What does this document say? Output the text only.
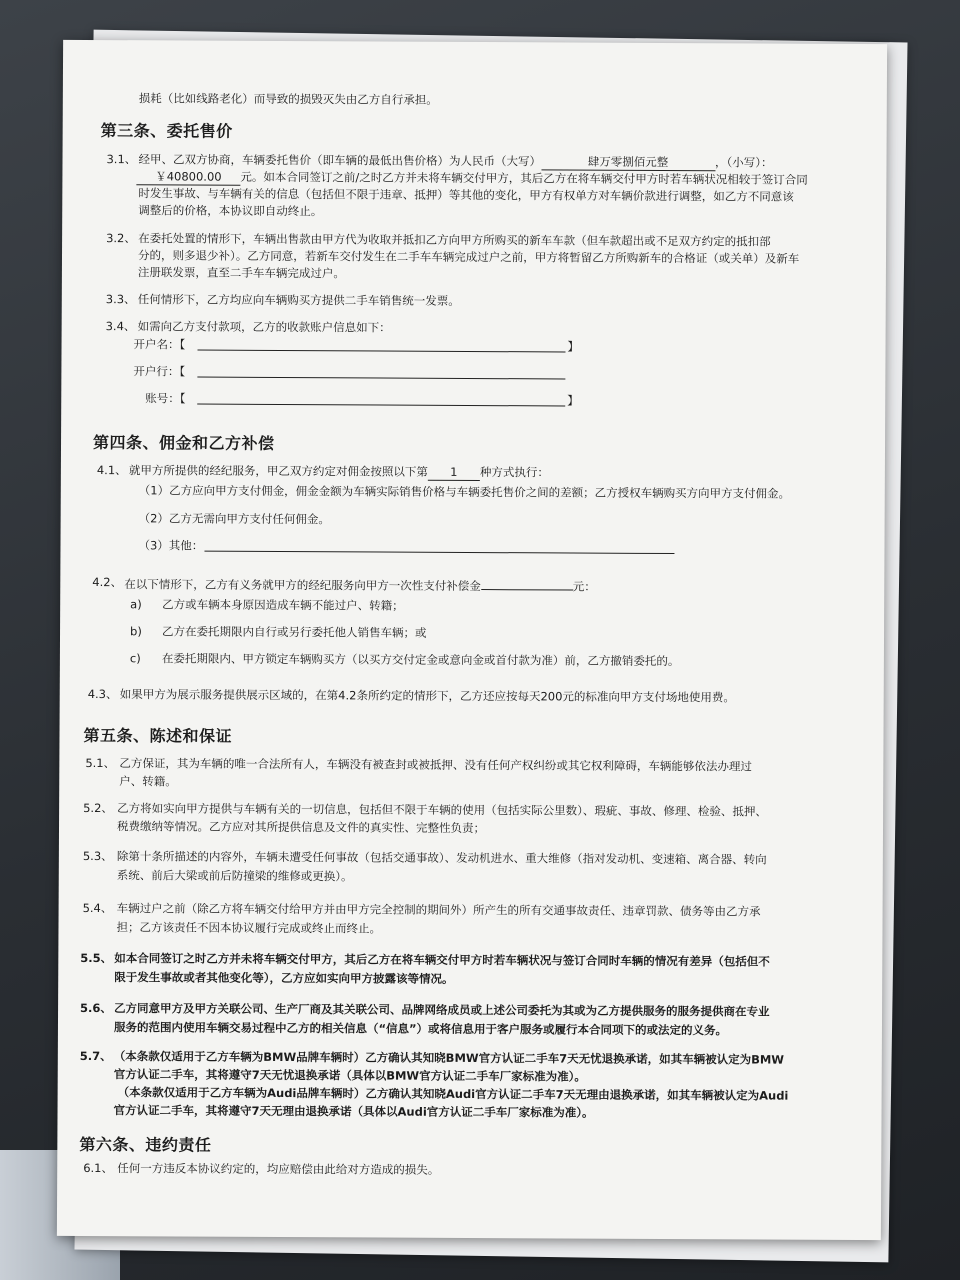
损耗（比如线路老化）而导致的损毁灭失由乙方自行承担。
第三条、委托售价
3.1、 经甲、乙双方协商，车辆委托售价（即车辆的最低出售价格）为人民币（大写）	肆万零捌佰元整	，（小写）：
￥40800.00 元。如本合同签订之前/之时乙方并未将车辆交付甲方，其后乙方在将车辆交付甲方时若车辆状况相较于签订合同
时发生事故、与车辆有关的信息（包括但不限于违章、抵押）等其他的变化，甲方有权单方对车辆价款进行调整，如乙方不同意该
调整后的价格，本协议即自动终止。
3.2、 在委托处置的情形下，车辆出售款由甲方代为收取并抵扣乙方向甲方所购买的新车车款（但车款超出或不足双方约定的抵扣部
分的，则多退少补）。乙方同意，若新车交付发生在二手车车辆完成过户之前，甲方将暂留乙方所购新车的合格证（或关单）及新车
注册联发票，直至二手车车辆完成过户。
3.3、 任何情形下，乙方均应向车辆购买方提供二手车销售统一发票。
3.4、 如需向乙方支付款项，乙方的收款账户信息如下：
开户名：【	】
开户行：【
账号：【	】
第四条、佣金和乙方补偿
4.1、 就甲方所提供的经纪服务，甲乙双方约定对佣金按照以下第 1 种方式执行：
（1）乙方应向甲方支付佣金，佣金金额为车辆实际销售价格与车辆委托售价之间的差额；乙方授权车辆购买方向甲方支付佣金。
（2）乙方无需向甲方支付任何佣金。
（3）其他：
4.2、 在以下情形下，乙方有义务就甲方的经纪服务向甲方一次性支付补偿金	元：
a) 乙方或车辆本身原因造成车辆不能过户、转籍；
b) 乙方在委托期限内自行或另行委托他人销售车辆；或
c) 在委托期限内、甲方锁定车辆购买方（以买方交付定金或意向金或首付款为准）前，乙方撤销委托的。
4.3、 如果甲方为展示服务提供展示区域的，在第4.2条所约定的情形下，乙方还应按每天200元的标准向甲方支付场地使用费。
第五条、陈述和保证
5.1、 乙方保证，其为车辆的唯一合法所有人，车辆没有被查封或被抵押、没有任何产权纠纷或其它权利障碍，车辆能够依法办理过
户、转籍。
5.2、 乙方将如实向甲方提供与车辆有关的一切信息，包括但不限于车辆的使用（包括实际公里数）、瑕疵、事故、修理、检验、抵押、
税费缴纳等情况。乙方应对其所提供信息及文件的真实性、完整性负责；
5.3、 除第十条所描述的内容外，车辆未遭受任何事故（包括交通事故）、发动机进水、重大维修（指对发动机、变速箱、离合器、转向
系统、前后大梁或前后防撞梁的维修或更换）。
5.4、 车辆过户之前（除乙方将车辆交付给甲方并由甲方完全控制的期间外）所产生的所有交通事故责任、违章罚款、债务等由乙方承
担；乙方该责任不因本协议履行完成或终止而终止。
5.5、 如本合同签订之时乙方并未将车辆交付甲方，其后乙方在将车辆交付甲方时若车辆状况与签订合同时车辆的情况有差异（包括但不
限于发生事故或者其他变化等），乙方应如实向甲方披露该等情况。
5.6、 乙方同意甲方及甲方关联公司、生产厂商及其关联公司、品牌网络成员或上述公司委托为其或为乙方提供服务的服务提供商在专业
服务的范围内使用车辆交易过程中乙方的相关信息（“信息”）或将信息用于客户服务或履行本合同项下的或法定的义务。
5.7、 （本条款仅适用于乙方车辆为BMW品牌车辆时）乙方确认其知晓BMW官方认证二手车7天无忧退换承诺，如其车辆被认定为BMW
官方认证二手车，其将遵守7天无忧退换承诺（具体以BMW官方认证二手车厂家标准为准）。
（本条款仅适用于乙方车辆为Audi品牌车辆时）乙方确认其知晓Audi官方认证二手车7天无理由退换承诺，如其车辆被认定为Audi
官方认证二手车，其将遵守7天无理由退换承诺（具体以Audi官方认证二手车厂家标准为准）。
第六条、违约责任
6.1、 任何一方违反本协议约定的，均应赔偿由此给对方造成的损失。
